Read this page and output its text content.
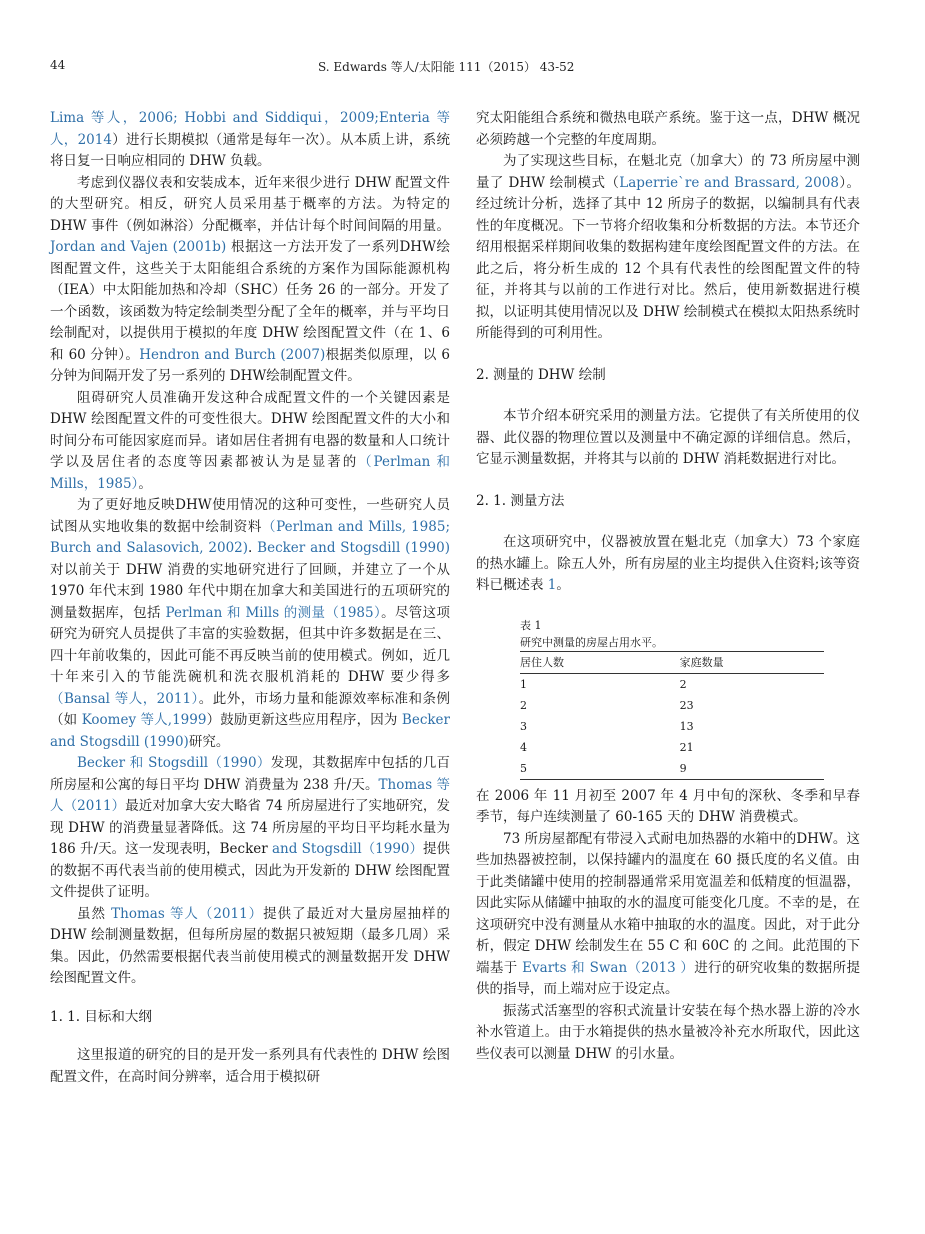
44	S. Edwards 等人/太阳能 111（2015） 43-52

Lima 等人，2006; Hobbi and Siddiqui，2009;Enteria 等人，2014）进行长期模拟（通常是每年一次）。从本质上讲，系统将日复一日响应相同的 DHW 负载。

考虑到仪器仪表和安装成本，近年来很少进行 DHW 配置文件的大型研究。相反，研究人员采用基于概率的方法。为特定的 DHW 事件（例如淋浴）分配概率，并估计每个时间间隔的用量。Jordan and Vajen (2001b) 根据这一方法开发了一系列DHW绘图配置文件，这些关于太阳能组合系统的方案作为国际能源机构（IEA）中太阳能加热和冷却（SHC）任务 26 的一部分。开发了一个函数，该函数为特定绘制类型分配了全年的概率，并与平均日绘制配对，以提供用于模拟的年度 DHW 绘图配置文件（在 1、6 和 60 分钟）。Hendron and Burch (2007)根据类似原理，以 6 分钟为间隔开发了另一系列的 DHW绘制配置文件。

阻碍研究人员准确开发这种合成配置文件的一个关键因素是 DHW 绘图配置文件的可变性很大。DHW 绘图配置文件的大小和时间分布可能因家庭而异。诸如居住者拥有电器的数量和人口统计学以及居住者的态度等因素都被认为是显著的（Perlman 和 Mills，1985）。

为了更好地反映DHW使用情况的这种可变性，一些研究人员试图从实地收集的数据中绘制资料（Perlman and Mills, 1985; Burch and Salasovich, 2002). Becker and Stogsdill (1990)对以前关于 DHW 消费的实地研究进行了回顾，并建立了一个从 1970 年代末到 1980 年代中期在加拿大和美国进行的五项研究的测量数据库，包括 Perlman 和 Mills 的测量（1985）。尽管这项研究为研究人员提供了丰富的实验数据，但其中许多数据是在三、四十年前收集的，因此可能不再反映当前的使用模式。例如，近几十年来引入的节能洗碗机和洗衣服机消耗的 DHW 要少得多（Bansal 等人，2011）。此外，市场力量和能源效率标准和条例（如 Koomey 等人,1999）鼓励更新这些应用程序，因为 Becker and Stogsdill (1990)研究。

Becker 和 Stogsdill（1990）发现，其数据库中包括的几百所房屋和公寓的每日平均 DHW 消费量为 238 升/天。Thomas 等人（2011）最近对加拿大安大略省 74 所房屋进行了实地研究，发现 DHW 的消费量显著降低。这 74 所房屋的平均日平均耗水量为 186 升/天。这一发现表明，Becker and Stogsdill（1990）提供的数据不再代表当前的使用模式，因此为开发新的 DHW 绘图配置文件提供了证明。

虽然 Thomas 等人（2011）提供了最近对大量房屋抽样的 DHW 绘制测量数据，但每所房屋的数据只被短期（最多几周）采集。因此，仍然需要根据代表当前使用模式的测量数据开发 DHW 绘图配置文件。

1. 1. 目标和大纲

这里报道的研究的目的是开发一系列具有代表性的 DHW 绘图配置文件，在高时间分辨率，适合用于模拟研

究太阳能组合系统和微热电联产系统。鉴于这一点，DHW 概况必须跨越一个完整的年度周期。

为了实现这些目标，在魁北克（加拿大）的 73 所房屋中测量了 DHW 绘制模式（Laperrie`re and Brassard, 2008）。经过统计分析，选择了其中 12 所房子的数据，以编制具有代表性的年度概况。下一节将介绍收集和分析数据的方法。本节还介绍用根据采样期间收集的数据构建年度绘图配置文件的方法。在此之后，将分析生成的 12 个具有代表性的绘图配置文件的特征，并将其与以前的工作进行对比。然后，使用新数据进行模拟，以证明其使用情况以及 DHW 绘制模式在模拟太阳热系统时所能得到的可利用性。

2. 测量的 DHW 绘制

本节介绍本研究采用的测量方法。它提供了有关所使用的仪器、此仪器的物理位置以及测量中不确定源的详细信息。然后，它显示测量数据，并将其与以前的 DHW 消耗数据进行对比。

2. 1. 测量方法

在这项研究中，仪器被放置在魁北克（加拿大）73 个家庭的热水罐上。除五人外，所有房屋的业主均提供入住资料;该等资料已概述表 1。

表 1

研究中测量的房屋占用水平。

居住人数	家庭数量
1	2
2	23
3	13
4	21
5	9

在 2006 年 11 月初至 2007 年 4 月中旬的深秋、冬季和早春季节，每户连续测量了 60-165 天的 DHW 消费模式。

73 所房屋都配有带浸入式耐电加热器的水箱中的DHW。这些加热器被控制，以保持罐内的温度在 60 摄氏度的名义值。由于此类储罐中使用的控制器通常采用宽温差和低精度的恒温器，因此实际从储罐中抽取的水的温度可能变化几度。不幸的是，在这项研究中没有测量从水箱中抽取的水的温度。因此，对于此分析，假定 DHW 绘制发生在 55 C 和 60C 的 之间。此范围的下端基于 Evarts 和 Swan（2013 ）进行的研究收集的数据所提供的指导，而上端对应于设定点。

振荡式活塞型的容积式流量计安装在每个热水器上游的冷水补水管道上。由于水箱提供的热水量被冷补充水所取代，因此这些仪表可以测量 DHW 的引水量。
